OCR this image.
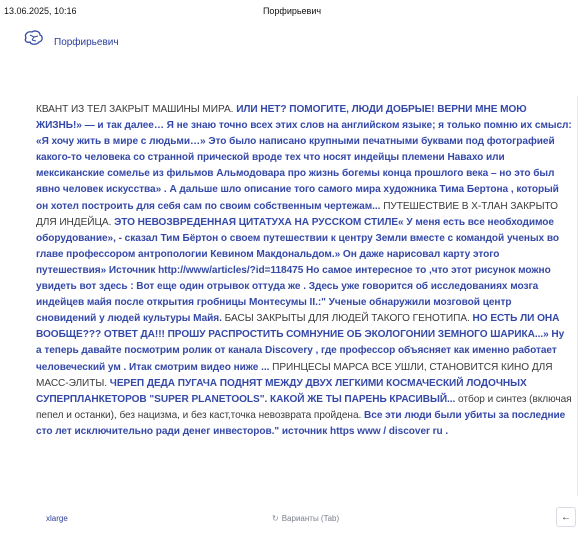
13.06.2025, 10:16	Порфирьевич
Порфирьевич
КВАНТ ИЗ ТЕЛ ЗАКРЫТ МАШИНЫ МИРА. ИЛИ НЕТ? ПОМОГИТЕ, ЛЮДИ ДОБРЫЕ! ВЕРНИ МНЕ МОЮ ЖИЗНЬ!» — и так далее… Я не знаю точно всех этих слов на английском языке; я только помню их смысл: «Я хочу жить в мире с людьми…» Это было написано крупными печатными буквами под фотографией какого-то человека со странной прической вроде тех что носят индейцы племени Навахо или мексиканские сомелье из фильмов Альмодовара про жизнь богемы конца прошлого века – но это был явно человек искусства» . А дальше шло описание того самого мира художника Тима Бертона , который он хотел построить для себя сам по своим собственным чертежам... ПУТЕШЕСТВИЕ В Х-ТЛАН ЗАКРЫТО ДЛЯ ИНДЕЙЦА. ЭТО НЕВОЗВРЕДЕННАЯ ЦИТАТУХА НА РУССКОМ СТИЛЕ« У меня есть все необходимое оборудование», - сказал Тим Бёртон о своем путешествии к центру Земли вместе с командой ученых во главе профессором антропологии Кевином Макдональдом.» Он даже нарисовал карту этого путешествия» Источник http://www/articles/?id=118475 Но самое интересное то ,что этот рисунок можно увидеть вот здесь : Вот еще один отрывок оттуда же . Здесь уже говорится об исследованиях мозга индейцев майя после открытия гробницы Монтесумы II.:" Ученые обнаружили мозговой центр сновидений у людей культуры Майя. БАСЫ ЗАКРЫТЫ ДЛЯ ЛЮДЕЙ ТАКОГО ГЕНОТИПА. НО ЕСТЬ ЛИ ОНА ВООБЩЕ??? ОТВЕТ ДА!!! ПРОШУ РАСПРОСТИТЬ СОМНУНИЕ ОБ ЭКОЛОГОНИИ ЗЕМНОГО ШАРИКА...» Ну а теперь давайте посмотрим ролик от канала Discovery , где профессор объясняет как именно работает человеческий ум . Итак смотрим видео ниже ... ПРИНЦЕСЫ МАРСА ВСЕ УШЛИ, СТАНОВИТСЯ КИНО ДЛЯ МАСС-ЭЛИТЫ. ЧЕРЕП ДЕДА ПУГАЧА ПОДНЯТ МЕЖДУ ДВУХ ЛЕГКИМИ КОСМАЧЕСКИЙ ЛОДОЧНЫХ СУПЕРПЛАНКЕТОРОВ "SUPER PLANETOOLS". КАКОЙ ЖЕ ТЫ ПАРЕНЬ КРАСИВЫЙ... отбор и синтез (включая пепел и останки), без нацизма, и без каст,точка невозврата пройдена. Все эти люди были убиты за последние сто лет исключительно ради денег инвесторов." источник https www / discover ru .
xlarge	↻ Варианты (Tab)	←
